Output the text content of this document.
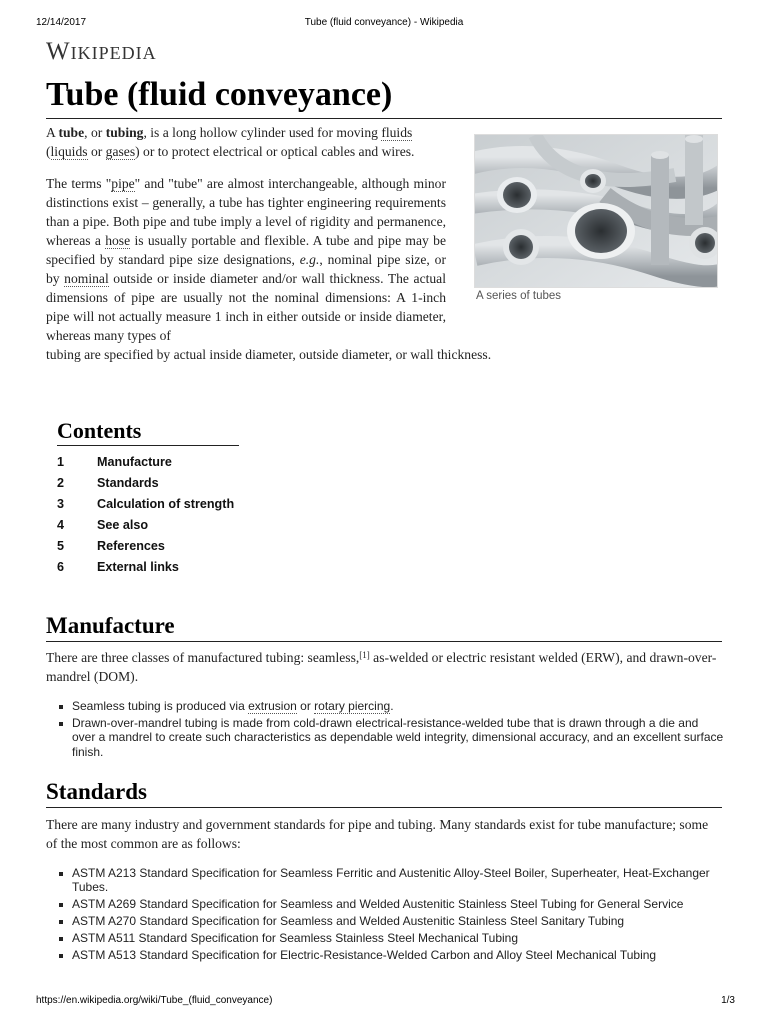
12/14/2017	Tube (fluid conveyance) - Wikipedia
Wikipedia
Tube (fluid conveyance)
A tube, or tubing, is a long hollow cylinder used for moving fluids (liquids or gases) or to protect electrical or optical cables and wires.
The terms "pipe" and "tube" are almost interchangeable, although minor distinctions exist – generally, a tube has tighter engineering requirements than a pipe. Both pipe and tube imply a level of rigidity and permanence, whereas a hose is usually portable and flexible. A tube and pipe may be specified by standard pipe size designations, e.g., nominal pipe size, or by nominal outside or inside diameter and/or wall thickness. The actual dimensions of pipe are usually not the nominal dimensions: A 1-inch pipe will not actually measure 1 inch in either outside or inside diameter, whereas many types of
tubing are specified by actual inside diameter, outside diameter, or wall thickness.
A series of tubes
Contents
1	Manufacture
2	Standards
3	Calculation of strength
4	See also
5	References
6	External links
Manufacture
There are three classes of manufactured tubing: seamless,[1] as-welded or electric resistant welded (ERW), and drawn-over-mandrel (DOM).
Seamless tubing is produced via extrusion or rotary piercing.
Drawn-over-mandrel tubing is made from cold-drawn electrical-resistance-welded tube that is drawn through a die and over a mandrel to create such characteristics as dependable weld integrity, dimensional accuracy, and an excellent surface finish.
Standards
There are many industry and government standards for pipe and tubing. Many standards exist for tube manufacture; some of the most common are as follows:
ASTM A213 Standard Specification for Seamless Ferritic and Austenitic Alloy-Steel Boiler, Superheater, Heat-Exchanger Tubes.
ASTM A269 Standard Specification for Seamless and Welded Austenitic Stainless Steel Tubing for General Service
ASTM A270 Standard Specification for Seamless and Welded Austenitic Stainless Steel Sanitary Tubing
ASTM A511 Standard Specification for Seamless Stainless Steel Mechanical Tubing
ASTM A513 Standard Specification for Electric-Resistance-Welded Carbon and Alloy Steel Mechanical Tubing
https://en.wikipedia.org/wiki/Tube_(fluid_conveyance)	1/3
